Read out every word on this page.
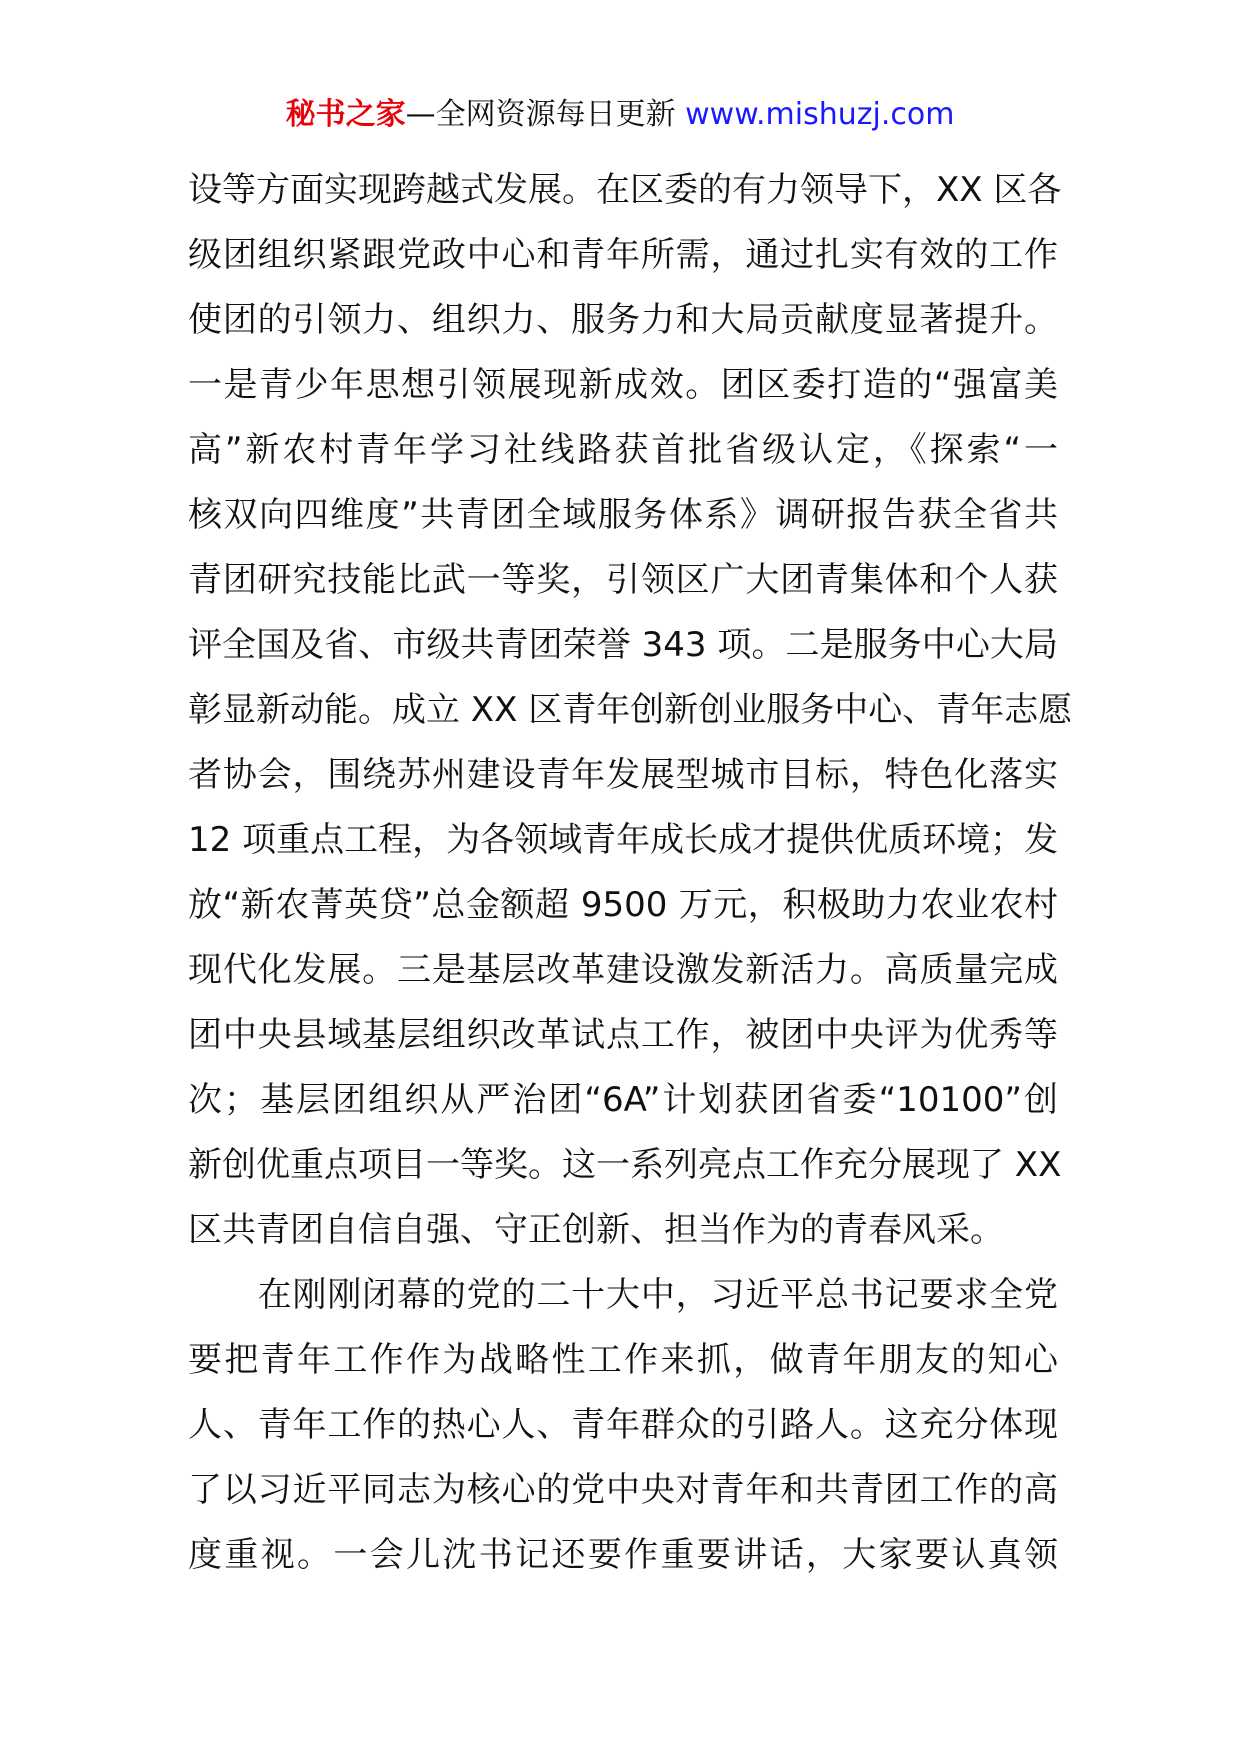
秘书之家—全网资源每日更新 www.mishuzj.com
设等方面实现跨越式发展。在区委的有力领导下，XX 区各
级团组织紧跟党政中心和青年所需，通过扎实有效的工作
使团的引领力、组织力、服务力和大局贡献度显著提升。
一是青少年思想引领展现新成效。团区委打造的“强富美
高”新农村青年学习社线路获首批省级认定，《探索“一
核双向四维度”共青团全域服务体系》调研报告获全省共
青团研究技能比武一等奖，引领区广大团青集体和个人获
评全国及省、市级共青团荣誉 343 项。二是服务中心大局
彰显新动能。成立 XX 区青年创新创业服务中心、青年志愿
者协会，围绕苏州建设青年发展型城市目标，特色化落实
12 项重点工程，为各领域青年成长成才提供优质环境；发
放“新农菁英贷”总金额超 9500 万元，积极助力农业农村
现代化发展。三是基层改革建设激发新活力。高质量完成
团中央县域基层组织改革试点工作，被团中央评为优秀等
次；基层团组织从严治团“6A”计划获团省委“10100”创
新创优重点项目一等奖。这一系列亮点工作充分展现了 XX
区共青团自信自强、守正创新、担当作为的青春风采。
　　在刚刚闭幕的党的二十大中，习近平总书记要求全党
要把青年工作作为战略性工作来抓，做青年朋友的知心
人、青年工作的热心人、青年群众的引路人。这充分体现
了以习近平同志为核心的党中央对青年和共青团工作的高
度重视。一会儿沈书记还要作重要讲话，大家要认真领
